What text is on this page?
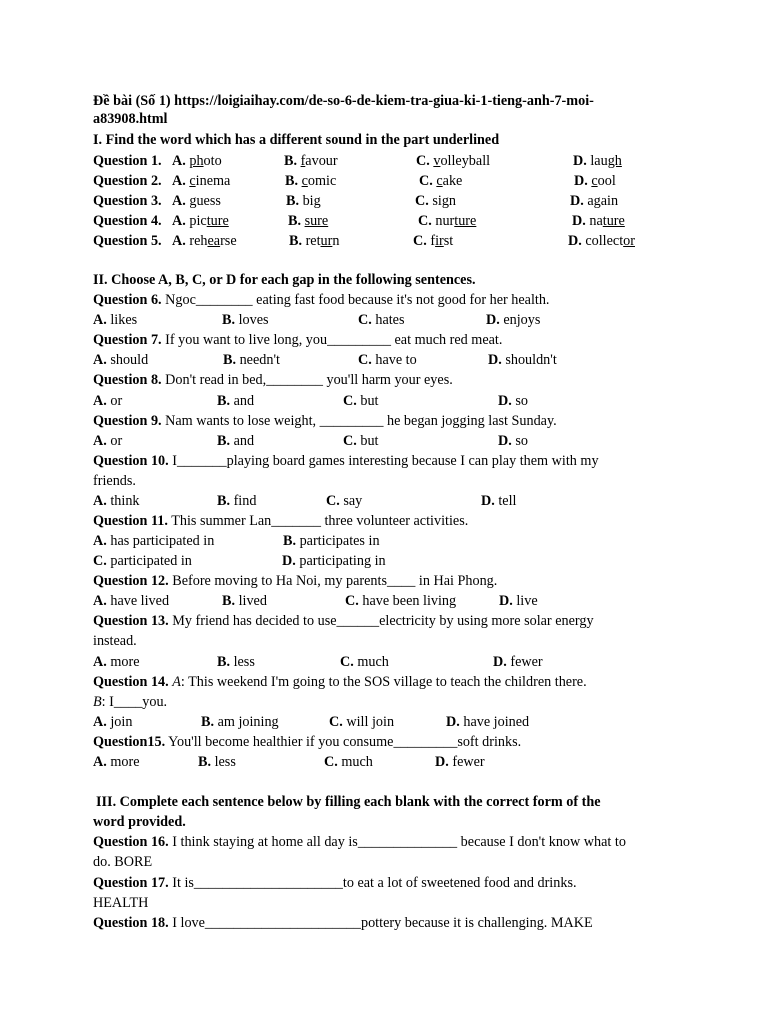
Đề bài (Số 1) https://loigiaihay.com/de-so-6-de-kiem-tra-giua-ki-1-tieng-anh-7-moi-
a83908.html
I. Find the word which has a different sound in the part underlined
Question 1. A. photo	B. favour	C. volleyball	D. laugh
Question 2. A. cinema	B. comic	C. cake	D. cool
Question 3. A. guess	B. big	C. sign	D. again
Question 4. A. picture	B. sure	C. nurture	D. nature
Question 5. A. rehearse	B. return	C. first	D. collector
II. Choose A, B, C, or D for each gap in the following sentences.
Question 6. Ngoc________ eating fast food because it's not good for her health.
A. likes	B. loves	C. hates	D. enjoys
Question 7. If you want to live long, you_________ eat much red meat.
A. should	B. needn't	C. have to	D. shouldn't
Question 8. Don't read in bed,________ you'll harm your eyes.
A. or	B. and	C. but	D. so
Question 9. Nam wants to lose weight, _________ he began jogging last Sunday.
A. or	B. and	C. but	D. so
Question 10. I_______playing board games interesting because I can play them with my
friends.
A. think	B. find	C. say	D. tell
Question 11. This summer Lan_______ three volunteer activities.
A. has participated in	B. participates in
C. participated in	D. participating in
Question 12. Before moving to Ha Noi, my parents____ in Hai Phong.
A. have lived	B. lived	C. have been living	D. live
Question 13. My friend has decided to use______electricity by using more solar energy
instead.
A. more	B. less	C. much	D. fewer
Question 14. A: This weekend I'm going to the SOS village to teach the children there.
B: I____you.
A. join	B. am joining	C. will join	D. have joined
Question15. You'll become healthier if you consume_________soft drinks.
A. more	B. less	C. much	D. fewer
III. Complete each sentence below by filling each blank with the correct form of the
word provided.
Question 16. I think staying at home all day is______________ because I don't know what to
do. BORE
Question 17. It is_____________________to eat a lot of sweetened food and drinks.
HEALTH
Question 18. I love______________________pottery because it is challenging. MAKE
